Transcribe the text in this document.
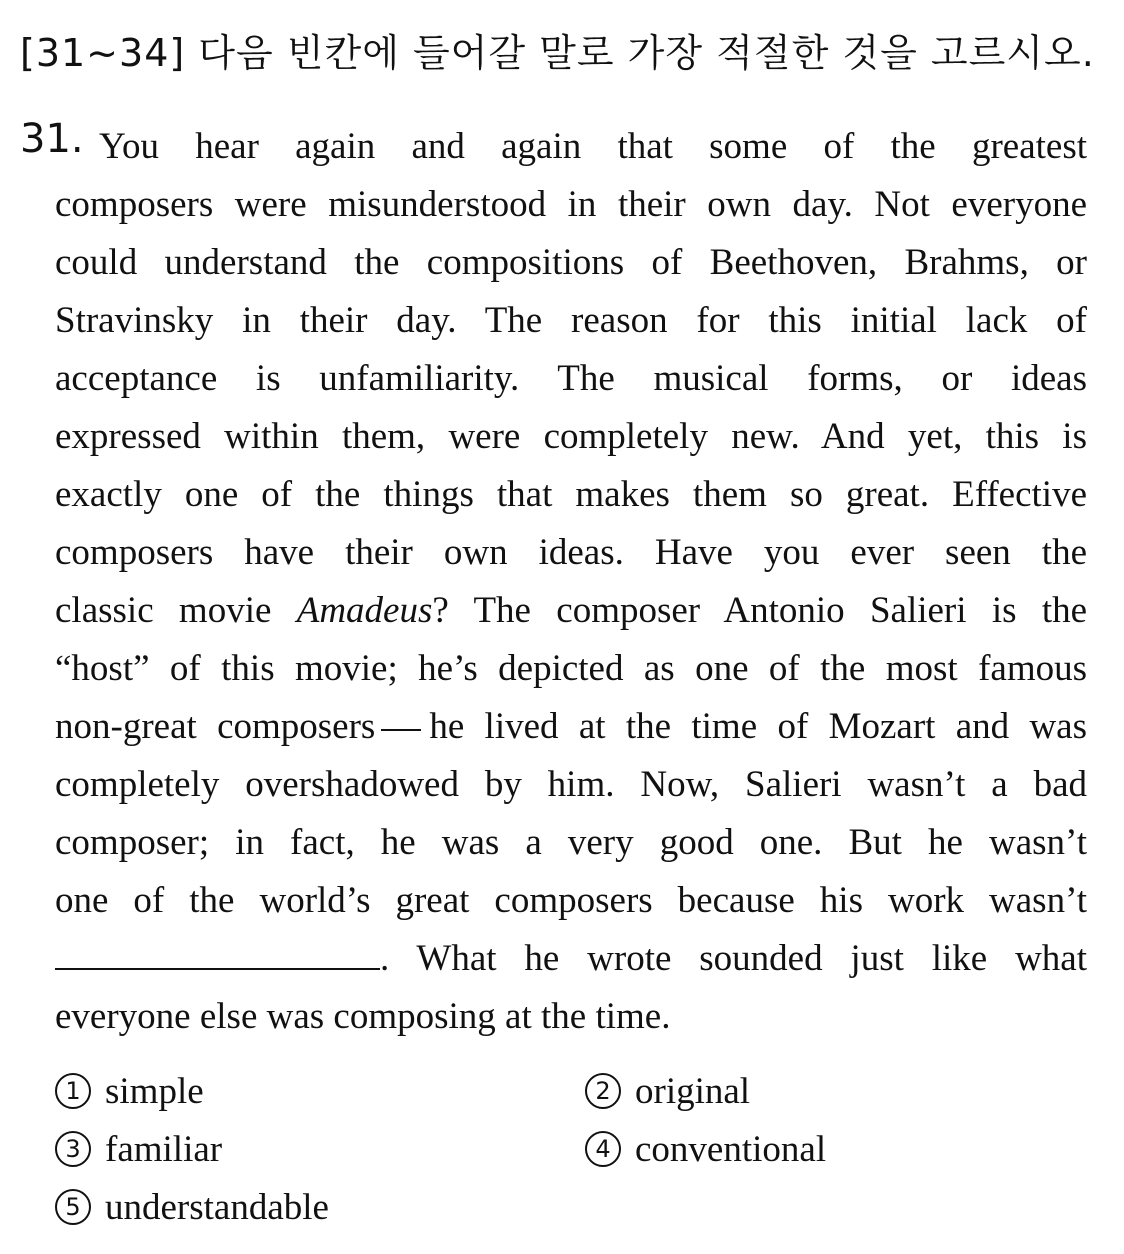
[31~34] 다음 빈칸에 들어갈 말로 가장 적절한 것을 고르시오.
31. You hear again and again that some of the greatest
composers were misunderstood in their own day. Not everyone
could understand the compositions of Beethoven, Brahms, or
Stravinsky in their day. The reason for this initial lack of
acceptance is unfamiliarity. The musical forms, or ideas
expressed within them, were completely new. And yet, this is
exactly one of the things that makes them so great. Effective
composers have their own ideas. Have you ever seen the
classic movie Amadeus? The composer Antonio Salieri is the
“host” of this movie; he’s depicted as one of the most famous
non-great composers he lived at the time of Mozart and was
completely overshadowed by him. Now, Salieri wasn’t a bad
composer; in fact, he was a very good one. But he wasn’t
one of the world’s great composers because his work wasn’t
. What he wrote sounded just like what
everyone else was composing at the time.
1 simple	2 original
3 familiar	4 conventional
5 understandable
